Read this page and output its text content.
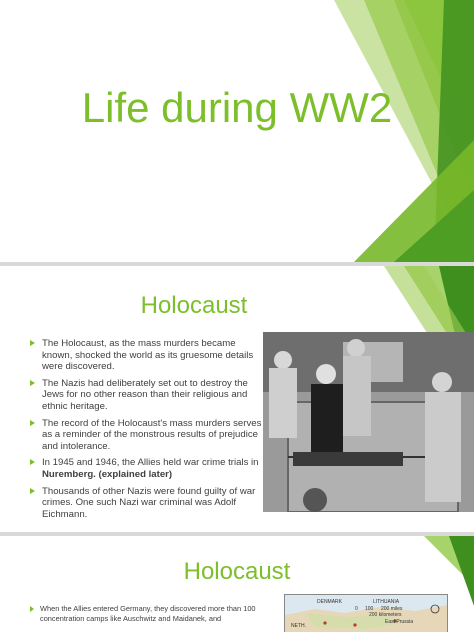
Life during WW2
Holocaust
The Holocaust, as the mass murders became known, shocked the world as its gruesome details were discovered.
The Nazis had deliberately set out to destroy the Jews for no other reason than their religious and ethnic heritage.
The record of the Holocaust's mass murders serves as a reminder of the monstrous results of prejudice and intolerance.
In 1945 and 1946, the Allies held war crime trials in Nuremberg. (explained later)
Thousands of other Nazis were found guilty of war crimes. One such Nazi war criminal was Adolf Eichmann.
Holocaust
When the Allies entered Germany, they discovered more than 100 concentration camps like Auschwitz and Maidanek, and
DENMARK	LITHUANIA
0 100 200 miles
200 kilometers
East Prussia
NETH.
